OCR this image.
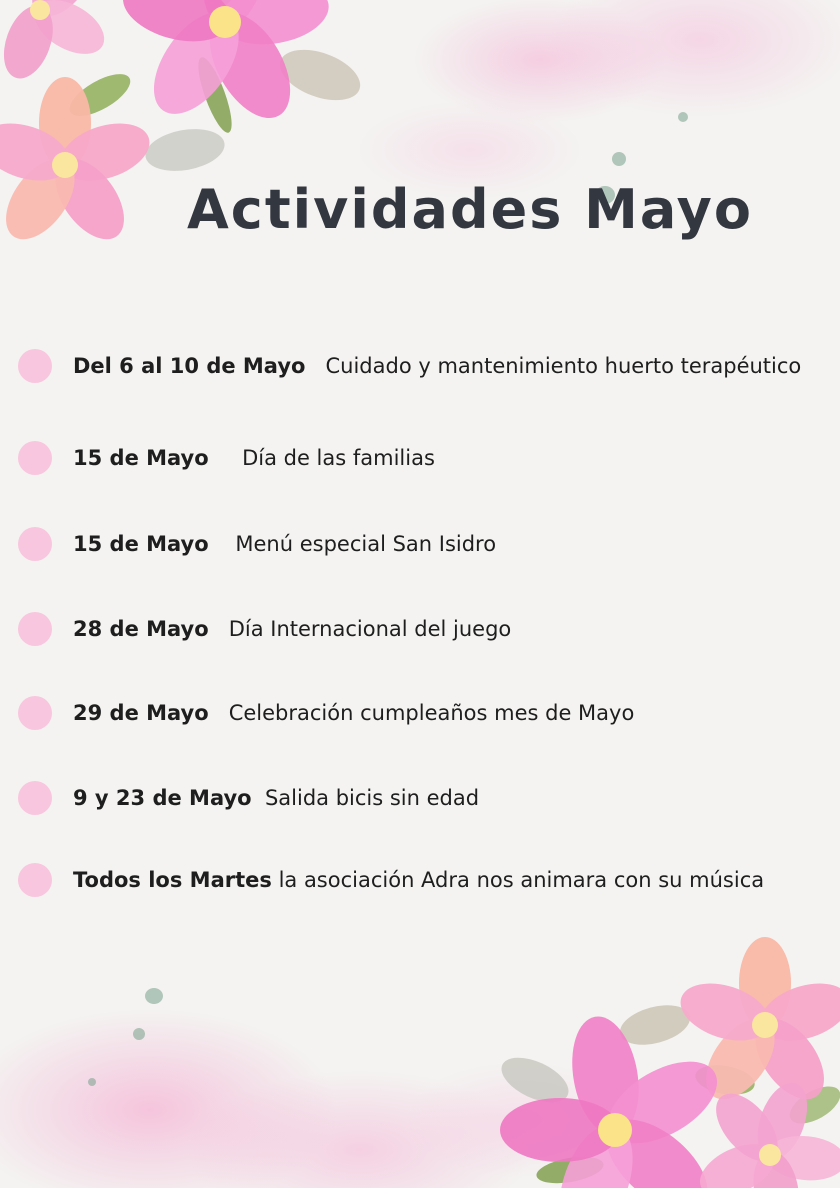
Actividades Mayo
Del 6 al 10 de Mayo Cuidado y mantenimiento huerto terapéutico
15 de Mayo Día de las familias
15 de Mayo Menú especial San Isidro
28 de Mayo Día Internacional del juego
29 de Mayo Celebración cumpleaños mes de Mayo
9 y 23 de Mayo Salida bicis sin edad
Todos los Martes la asociación Adra nos animara con su música
